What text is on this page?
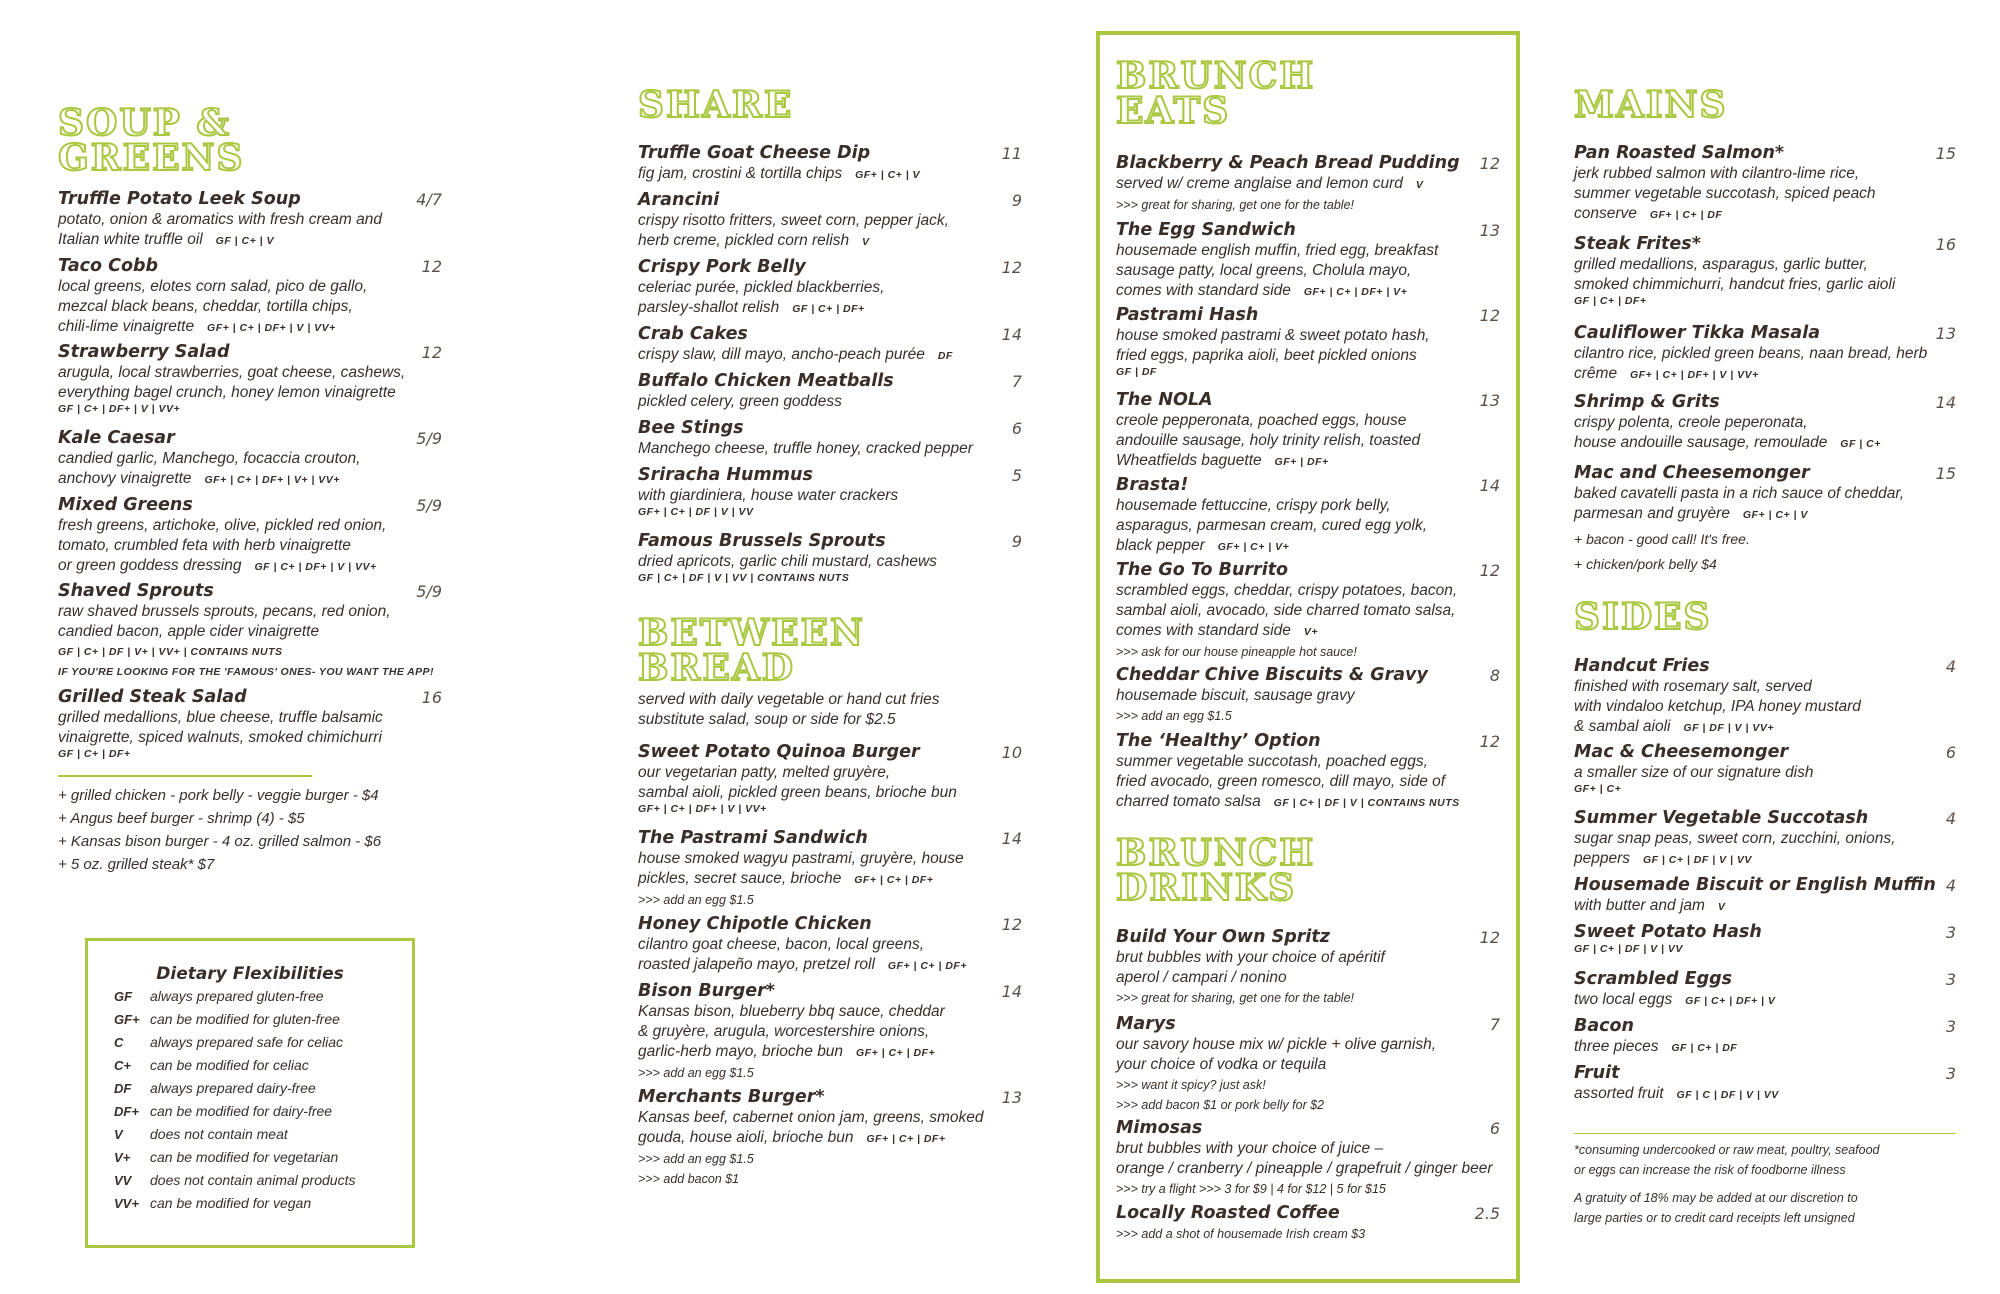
SOUP &
GREENS
Truffle Potato Leek Soup	4/7
potato, onion & aromatics with fresh cream and
Italian white truffle oil GF | C+ | V
Taco Cobb	12
local greens, elotes corn salad, pico de gallo,
mezcal black beans, cheddar, tortilla chips,
chili-lime vinaigrette GF+ | C+ | DF+ | V | VV+
Strawberry Salad	12
arugula, local strawberries, goat cheese, cashews,
everything bagel crunch, honey lemon vinaigrette
GF | C+ | DF+ | V | VV+
Kale Caesar	5/9
candied garlic, Manchego, focaccia crouton,
anchovy vinaigrette GF+ | C+ | DF+ | V+ | VV+
Mixed Greens	5/9
fresh greens, artichoke, olive, pickled red onion,
tomato, crumbled feta with herb vinaigrette
or green goddess dressing GF | C+ | DF+ | V | VV+
Shaved Sprouts	5/9
raw shaved brussels sprouts, pecans, red onion,
candied bacon, apple cider vinaigrette
GF | C+ | DF | V+ | VV+ | CONTAINS NUTS
IF YOU'RE LOOKING FOR THE 'FAMOUS' ONES- YOU WANT THE APP!
Grilled Steak Salad	16
grilled medallions, blue cheese, truffle balsamic
vinaigrette, spiced walnuts, smoked chimichurri
GF | C+ | DF+
+ grilled chicken - pork belly - veggie burger - $4
+ Angus beef burger - shrimp (4) - $5
+ Kansas bison burger - 4 oz. grilled salmon - $6
+ 5 oz. grilled steak* $7
Dietary Flexibilities
GF	always prepared gluten-free
GF+ can be modified for gluten-free
C	always prepared safe for celiac
C+	can be modified for celiac
DF	always prepared dairy-free
DF+ can be modified for dairy-free
V	does not contain meat
V+	can be modified for vegetarian
VV	does not contain animal products
VV+ can be modified for vegan
SHARE
Truffle Goat Cheese Dip	11
fig jam, crostini & tortilla chips GF+ | C+ | V
Arancini	9
crispy risotto fritters, sweet corn, pepper jack,
herb creme, pickled corn relish V
Crispy Pork Belly	12
celeriac purée, pickled blackberries,
parsley-shallot relish GF | C+ | DF+
Crab Cakes	14
crispy slaw, dill mayo, ancho-peach purée DF
Buffalo Chicken Meatballs	7
pickled celery, green goddess
Bee Stings	6
Manchego cheese, truffle honey, cracked pepper
Sriracha Hummus	5
with giardiniera, house water crackers
GF+ | C+ | DF | V | VV
Famous Brussels Sprouts	9
dried apricots, garlic chili mustard, cashews
GF | C+ | DF | V | VV | CONTAINS NUTS
BETWEEN
BREAD
served with daily vegetable or hand cut fries
substitute salad, soup or side for $2.5
Sweet Potato Quinoa Burger	10
our vegetarian patty, melted gruyère,
sambal aioli, pickled green beans, brioche bun
GF+ | C+ | DF+ | V | VV+
The Pastrami Sandwich	14
house smoked wagyu pastrami, gruyère, house
pickles, secret sauce, brioche GF+ | C+ | DF+
>>> add an egg $1.5
Honey Chipotle Chicken	12
cilantro goat cheese, bacon, local greens,
roasted jalapeño mayo, pretzel roll GF+ | C+ | DF+
Bison Burger*	14
Kansas bison, blueberry bbq sauce, cheddar
& gruyère, arugula, worcestershire onions,
garlic-herb mayo, brioche bun GF+ | C+ | DF+
>>> add an egg $1.5
Merchants Burger*	13
Kansas beef, cabernet onion jam, greens, smoked
gouda, house aioli, brioche bun GF+ | C+ | DF+
>>> add an egg $1.5
>>> add bacon $1
BRUNCH
EATS
Blackberry & Peach Bread Pudding	12
served w/ creme anglaise and lemon curd V
>>> great for sharing, get one for the table!
The Egg Sandwich	13
housemade english muffin, fried egg, breakfast
sausage patty, local greens, Cholula mayo,
comes with standard side GF+ | C+ | DF+ | V+
Pastrami Hash	12
house smoked pastrami & sweet potato hash,
fried eggs, paprika aioli, beet pickled onions
GF | DF
The NOLA	13
creole pepperonata, poached eggs, house
andouille sausage, holy trinity relish, toasted
Wheatfields baguette GF+ | DF+
Brasta!	14
housemade fettuccine, crispy pork belly,
asparagus, parmesan cream, cured egg yolk,
black pepper GF+ | C+ | V+
The Go To Burrito	12
scrambled eggs, cheddar, crispy potatoes, bacon,
sambal aioli, avocado, side charred tomato salsa,
comes with standard side V+
>>> ask for our house pineapple hot sauce!
Cheddar Chive Biscuits & Gravy	8
housemade biscuit, sausage gravy
>>> add an egg $1.5
The ‘Healthy’ Option	12
summer vegetable succotash, poached eggs,
fried avocado, green romesco, dill mayo, side of
charred tomato salsa GF | C+ | DF | V | CONTAINS NUTS
BRUNCH
DRINKS
Build Your Own Spritz	12
brut bubbles with your choice of apéritif
aperol / campari / nonino
>>> great for sharing, get one for the table!
Marys	7
our savory house mix w/ pickle + olive garnish,
your choice of vodka or tequila
>>> want it spicy? just ask!
>>> add bacon $1 or pork belly for $2
Mimosas	6
brut bubbles with your choice of juice –
orange / cranberry / pineapple / grapefruit / ginger beer
>>> try a flight >>> 3 for $9 | 4 for $12 | 5 for $15
Locally Roasted Coffee	2.5
>>> add a shot of housemade Irish cream $3
MAINS
Pan Roasted Salmon*	15
jerk rubbed salmon with cilantro-lime rice,
summer vegetable succotash, spiced peach
conserve GF+ | C+ | DF
Steak Frites*	16
grilled medallions, asparagus, garlic butter,
smoked chimmichurri, handcut fries, garlic aioli
GF | C+ | DF+
Cauliflower Tikka Masala	13
cilantro rice, pickled green beans, naan bread, herb
crême GF+ | C+ | DF+ | V | VV+
Shrimp & Grits	14
crispy polenta, creole peperonata,
house andouille sausage, remoulade GF | C+
Mac and Cheesemonger	15
baked cavatelli pasta in a rich sauce of cheddar,
parmesan and gruyère GF+ | C+ | V
+ bacon - good call! It's free.
+ chicken/pork belly $4
SIDES
Handcut Fries	4
finished with rosemary salt, served
with vindaloo ketchup, IPA honey mustard
& sambal aioli GF | DF | V | VV+
Mac & Cheesemonger	6
a smaller size of our signature dish
GF+ | C+
Summer Vegetable Succotash	4
sugar snap peas, sweet corn, zucchini, onions,
peppers GF | C+ | DF | V | VV
Housemade Biscuit or English Muffin 4
with butter and jam V
Sweet Potato Hash	3
GF | C+ | DF | V | VV
Scrambled Eggs	3
two local eggs GF | C+ | DF+ | V
Bacon	3
three pieces GF | C+ | DF
Fruit	3
assorted fruit GF | C | DF | V | VV
*consuming undercooked or raw meat, poultry, seafood
or eggs can increase the risk of foodborne illness
A gratuity of 18% may be added at our discretion to
large parties or to credit card receipts left unsigned
